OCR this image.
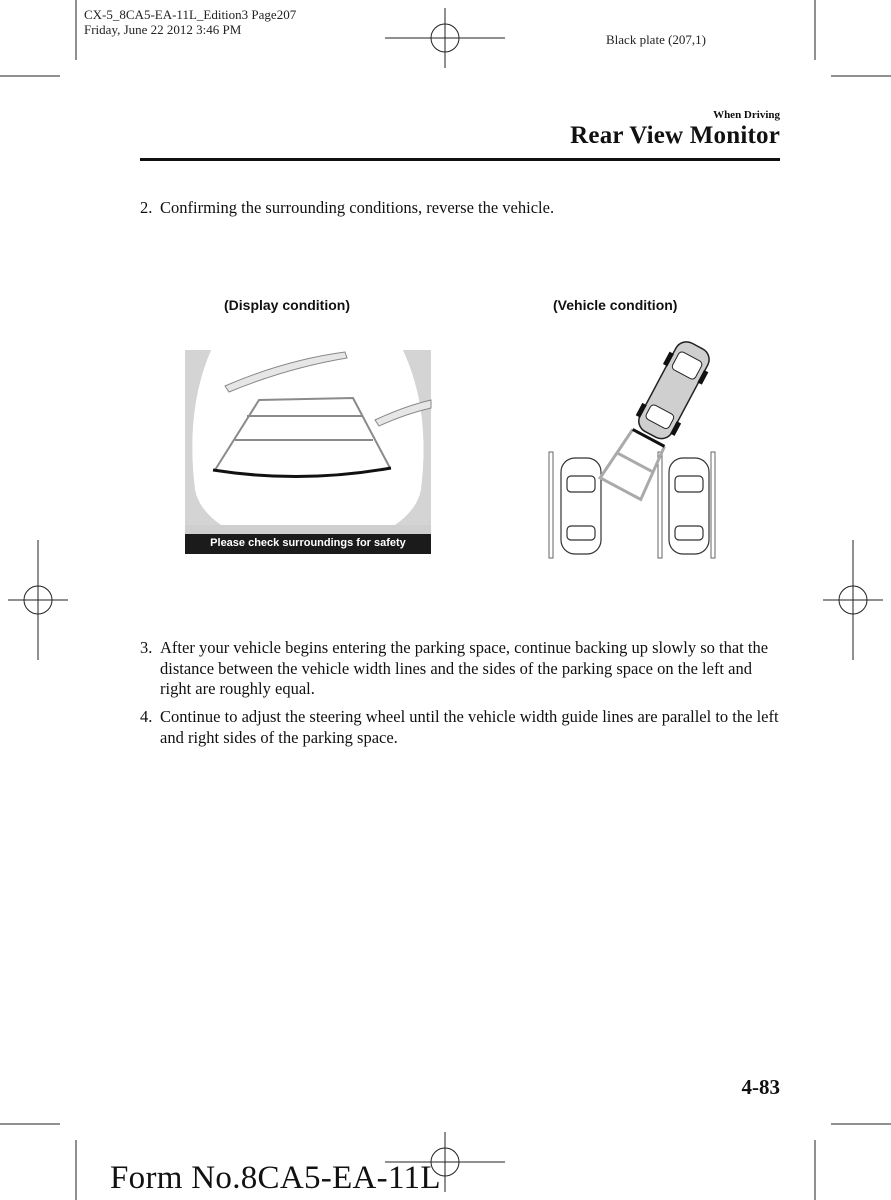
CX-5_8CA5-EA-11L_Edition3 Page207
Friday, June 22 2012 3:46 PM
Black plate (207,1)
When Driving
Rear View Monitor
2. Confirming the surrounding conditions, reverse the vehicle.
(Display condition)	(Vehicle condition)
Please check surroundings for safety
3. After your vehicle begins entering the parking space, continue backing up slowly so that the distance between the vehicle width lines and the sides of the parking space on the left and right are roughly equal.
4. Continue to adjust the steering wheel until the vehicle width guide lines are parallel to the left and right sides of the parking space.
4-83
Form No.8CA5-EA-11L
